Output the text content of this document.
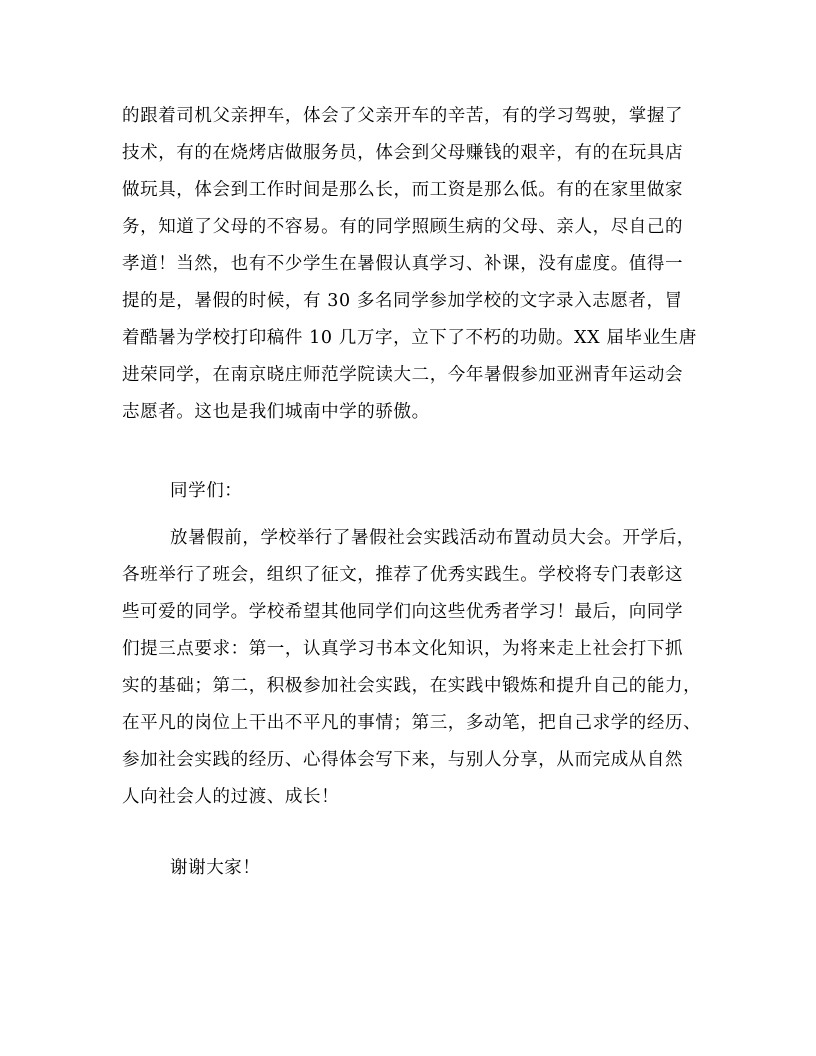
的跟着司机父亲押车，体会了父亲开车的辛苦，有的学习驾驶，掌握了
技术，有的在烧烤店做服务员，体会到父母赚钱的艰辛，有的在玩具店
做玩具，体会到工作时间是那么长，而工资是那么低。有的在家里做家
务，知道了父母的不容易。有的同学照顾生病的父母、亲人，尽自己的
孝道！当然，也有不少学生在暑假认真学习、补课，没有虚度。值得一
提的是，暑假的时候，有 30 多名同学参加学校的文字录入志愿者，冒
着酷暑为学校打印稿件 10 几万字，立下了不朽的功勋。XX 届毕业生唐
进荣同学，在南京晓庄师范学院读大二，今年暑假参加亚洲青年运动会
志愿者。这也是我们城南中学的骄傲。
同学们：
放暑假前，学校举行了暑假社会实践活动布置动员大会。开学后，
各班举行了班会，组织了征文，推荐了优秀实践生。学校将专门表彰这
些可爱的同学。学校希望其他同学们向这些优秀者学习！最后，向同学
们提三点要求：第一，认真学习书本文化知识，为将来走上社会打下抓
实的基础；第二，积极参加社会实践，在实践中锻炼和提升自己的能力，
在平凡的岗位上干出不平凡的事情；第三，多动笔，把自己求学的经历、
参加社会实践的经历、心得体会写下来，与别人分享，从而完成从自然
人向社会人的过渡、成长！
谢谢大家！
